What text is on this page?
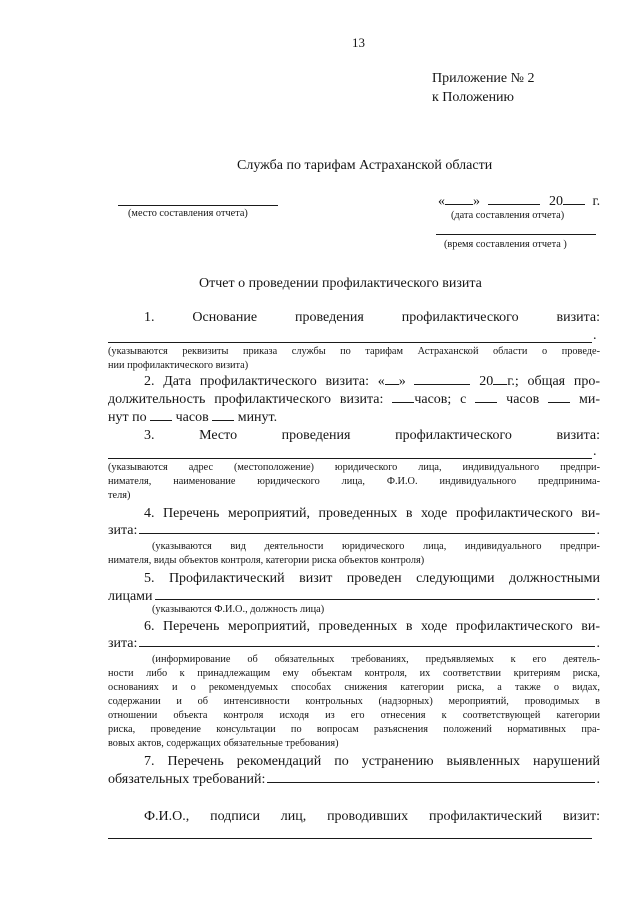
13
Приложение № 2
к Положению
Служба по тарифам Астраханской области
(место составления отчета)
« »	20 г.
(дата составления отчета)
(время составления отчета )
Отчет о проведении профилактического визита
1. Основание	проведения	профилактического	визита:
.
(указываются реквизиты приказа службы по тарифам Астраханской области о проведе-
нии профилактического визита)
2. Дата профилактического визита: « »	20 г.; общая про-
должительность профилактического визита: часов; с	часов	ми-
нут по часов минут.
3. Место	проведения	профилактического	визита:
.
(указываются адрес (местоположение) юридического лица, индивидуального предпри-
нимателя, наименование юридического лица, Ф.И.О. индивидуального предпринима-
теля)
4. Перечень мероприятий, проведенных в ходе профилактического ви-
зита:	.
(указываются вид деятельности юридического лица, индивидуального предпри-
нимателя, виды объектов контроля, категории риска объектов контроля)
5. Профилактический визит проведен следующими должностными
лицами	.
(указываются Ф.И.О., должность лица)
6. Перечень мероприятий, проведенных в ходе профилактического ви-
зита:	.
(информирование об обязательных требованиях, предъявляемых к его деятель-
ности либо к принадлежащим ему объектам контроля, их соответствии критериям риска,
основаниях и о рекомендуемых способах снижения категории риска, а также о видах,
содержании и об интенсивности контрольных (надзорных) мероприятий, проводимых в
отношении объекта контроля исходя из его отнесения к соответствующей категории
риска, проведение консультации по вопросам разъяснения положений нормативных пра-
вовых актов, содержащих обязательные требования)
7. Перечень рекомендаций по устранению выявленных нарушений
обязательных требований:	.
Ф.И.О., подписи лиц, проводивших профилактический визит:
